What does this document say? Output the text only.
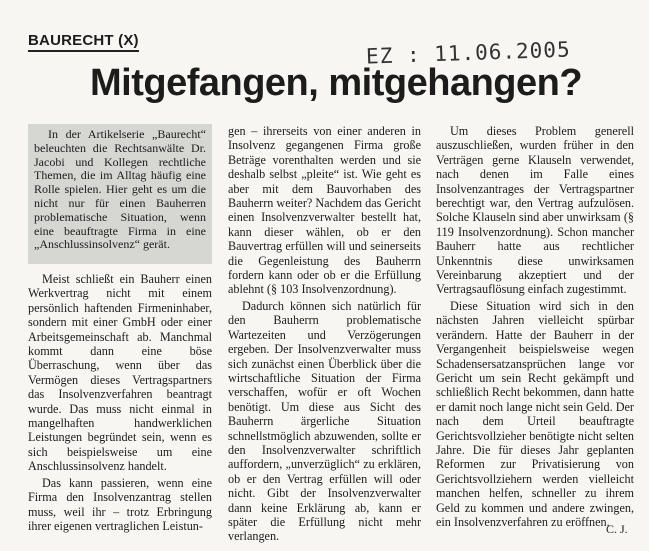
BAURECHT (X)	EZ : 11.06.2005
Mitgefangen, mitgehangen?

In der Artikelserie „Baurecht“ beleuchten die Rechtsanwälte Dr. Jacobi und Kollegen rechtliche Themen, die im Alltag häufig eine Rolle spielen. Hier geht es um die nicht nur für einen Bauherren problematische Situation, wenn eine beauftragte Firma in eine „Anschlussinsolvenz“ gerät.

Meist schließt ein Bauherr einen Werkvertrag nicht mit einem persönlich haftenden Firmeninhaber, sondern mit einer GmbH oder einer Arbeitsgemeinschaft ab. Manchmal kommt dann eine böse Überraschung, wenn über das Vermögen dieses Vertragspartners das Insolvenzverfahren beantragt wurde. Das muss nicht einmal in mangelhaften handwerklichen Leistungen begründet sein, wenn es sich beispielsweise um eine Anschlussinsolvenz handelt.

Das kann passieren, wenn eine Firma den Insolvenzantrag stellen muss, weil ihr – trotz Erbringung ihrer eigenen vertraglichen Leistun-

gen – ihrerseits von einer anderen in Insolvenz gegangenen Firma große Beträge vorenthalten werden und sie deshalb selbst „pleite“ ist. Wie geht es aber mit dem Bauvorhaben des Bauherrn weiter? Nachdem das Gericht einen Insolvenzverwalter bestellt hat, kann dieser wählen, ob er den Bauvertrag erfüllen will und seinerseits die Gegenleistung des Bauherrn fordern kann oder ob er die Erfüllung ablehnt (§ 103 Insolvenzordnung).

Dadurch können sich natürlich für den Bauherrn problematische Wartezeiten und Verzögerungen ergeben. Der Insolvenzverwalter muss sich zunächst einen Überblick über die wirtschaftliche Situation der Firma verschaffen, wofür er oft Wochen benötigt. Um diese aus Sicht des Bauherrn ärgerliche Situation schnellstmöglich abzuwenden, sollte er den Insolvenzverwalter schriftlich auffordern, „unverzüglich“ zu erklären, ob er den Vertrag erfüllen will oder nicht. Gibt der Insolvenzverwalter dann keine Erklärung ab, kann er später die Erfüllung nicht mehr verlangen.

Um dieses Problem generell auszuschließen, wurden früher in den Verträgen gerne Klauseln verwendet, nach denen im Falle eines Insolvenzantrages der Vertragspartner berechtigt war, den Vertrag aufzulösen. Solche Klauseln sind aber unwirksam (§ 119 Insolvenzordnung). Schon mancher Bauherr hatte aus rechtlicher Unkenntnis diese unwirksamen Vereinbarung akzeptiert und der Vertragsauflösung einfach zugestimmt.

Diese Situation wird sich in den nächsten Jahren vielleicht spürbar verändern. Hatte der Bauherr in der Vergangenheit beispielsweise wegen Schadensersatzansprüchen lange vor Gericht um sein Recht gekämpft und schließlich Recht bekommen, dann hatte er damit noch lange nicht sein Geld. Der nach dem Urteil beauftragte Gerichtsvollzieher benötigte nicht selten Jahre. Die für dieses Jahr geplanten Reformen zur Privatisierung von Gerichtsvollziehern werden vielleicht manchen helfen, schneller zu ihrem Geld zu kommen und andere zwingen, ein Insolvenzverfahren zu eröffnen.

C. J.
